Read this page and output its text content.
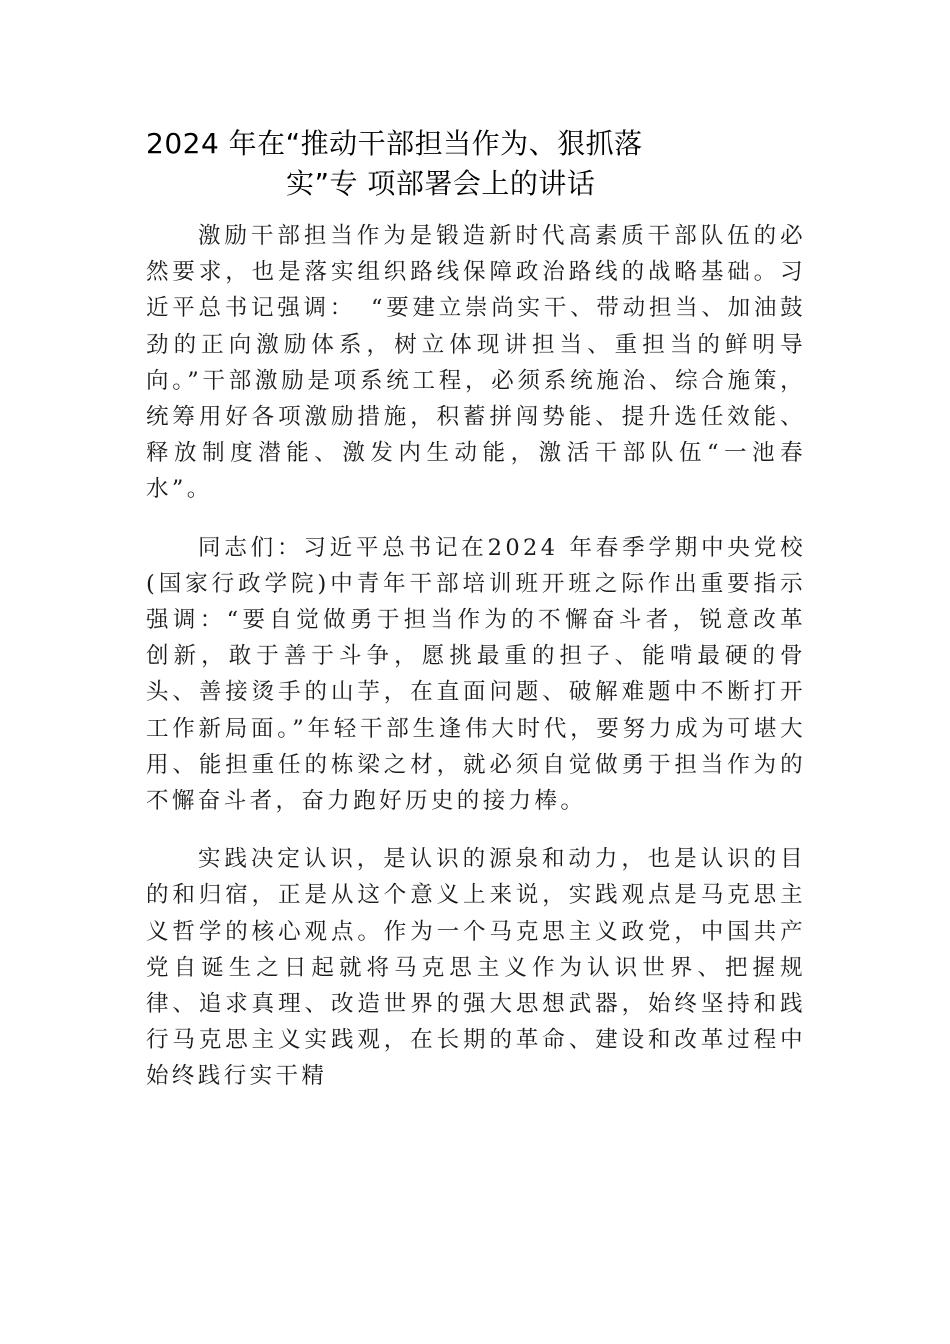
2024 年在“推动干部担当作为、狠抓落
实”专 项部署会上的讲话

激励干部担当作为是锻造新时代高素质干部队伍的必然要求，也是落实组织路线保障政治路线的战略基础。习近平总书记强调：　“要建立崇尚实干、带动担当、加油鼓劲的正向激励体系，树立体现讲担当、重担当的鲜明导向。”干部激励是项系统工程，必须系统施治、综合施策，统筹用好各项激励措施，积蓄拼闯势能、提升选任效能、释放制度潜能、激发内生动能，激活干部队伍“一池春水”。

同志们：习近平总书记在2024 年春季学期中央党校(国家行政学院)中青年干部培训班开班之际作出重要指示强调：“要自觉做勇于担当作为的不懈奋斗者，锐意改革创新，敢于善于斗争，愿挑最重的担子、能啃最硬的骨头、善接烫手的山芋，在直面问题、破解难题中不断打开工作新局面。”年轻干部生逢伟大时代，要努力成为可堪大用、能担重任的栋梁之材，就必须自觉做勇于担当作为的不懈奋斗者，奋力跑好历史的接力棒。

实践决定认识，是认识的源泉和动力，也是认识的目的和归宿，正是从这个意义上来说，实践观点是马克思主义哲学的核心观点。作为一个马克思主义政党，中国共产党自诞生之日起就将马克思主义作为认识世界、把握规律、追求真理、改造世界的强大思想武器，始终坚持和践行马克思主义实践观，在长期的革命、建设和改革过程中始终践行实干精
